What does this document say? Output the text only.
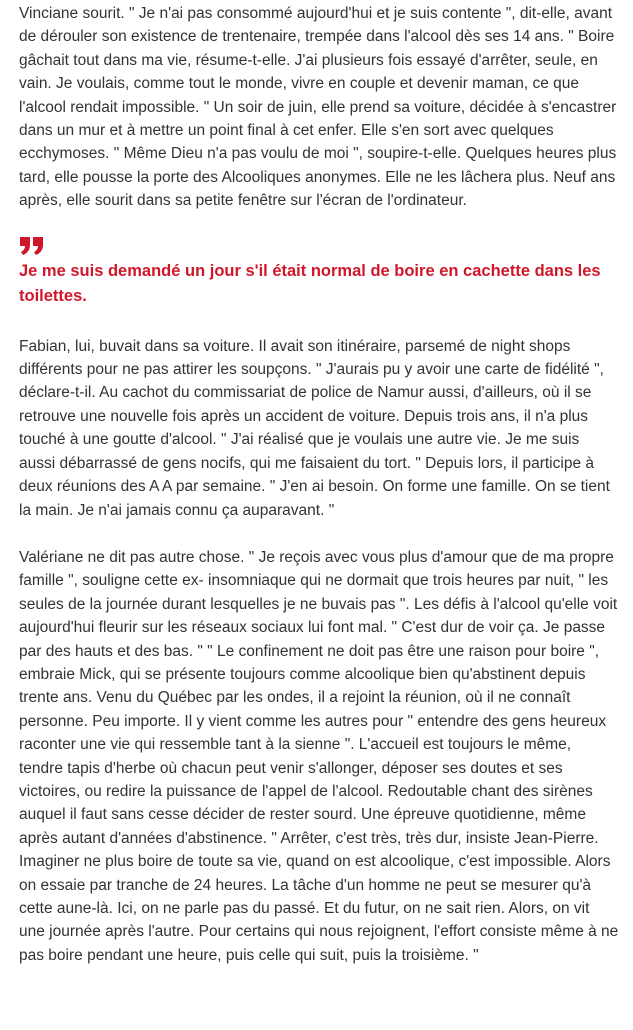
Vinciane sourit. " Je n'ai pas consommé aujourd'hui et je suis contente ", dit-elle, avant de dérouler son existence de trentenaire, trempée dans l'alcool dès ses 14 ans. " Boire gâchait tout dans ma vie, résume-t-elle. J'ai plusieurs fois essayé d'arrêter, seule, en vain. Je voulais, comme tout le monde, vivre en couple et devenir maman, ce que l'alcool rendait impossible. " Un soir de juin, elle prend sa voiture, décidée à s'encastrer dans un mur et à mettre un point final à cet enfer. Elle s'en sort avec quelques ecchymoses. " Même Dieu n'a pas voulu de moi ", soupire-t-elle. Quelques heures plus tard, elle pousse la porte des Alcooliques anonymes. Elle ne les lâchera plus. Neuf ans après, elle sourit dans sa petite fenêtre sur l'écran de l'ordinateur.

Je me suis demandé un jour s'il était normal de boire en cachette dans les toilettes.

Fabian, lui, buvait dans sa voiture. Il avait son itinéraire, parsemé de night shops différents pour ne pas attirer les soupçons. " J'aurais pu y avoir une carte de fidélité ", déclare-t-il. Au cachot du commissariat de police de Namur aussi, d'ailleurs, où il se retrouve une nouvelle fois après un accident de voiture. Depuis trois ans, il n'a plus touché à une goutte d'alcool. " J'ai réalisé que je voulais une autre vie. Je me suis aussi débarrassé de gens nocifs, qui me faisaient du tort. " Depuis lors, il participe à deux réunions des A A par semaine. " J'en ai besoin. On forme une famille. On se tient la main. Je n'ai jamais connu ça auparavant. "

Valériane ne dit pas autre chose. " Je reçois avec vous plus d'amour que de ma propre famille ", souligne cette ex- insomniaque qui ne dormait que trois heures par nuit, " les seules de la journée durant lesquelles je ne buvais pas ". Les défis à l'alcool qu'elle voit aujourd'hui fleurir sur les réseaux sociaux lui font mal. " C'est dur de voir ça. Je passe par des hauts et des bas. " " Le confinement ne doit pas être une raison pour boire ", embraie Mick, qui se présente toujours comme alcoolique bien qu'abstinent depuis trente ans. Venu du Québec par les ondes, il a rejoint la réunion, où il ne connaît personne. Peu importe. Il y vient comme les autres pour " entendre des gens heureux raconter une vie qui ressemble tant à la sienne ". L'accueil est toujours le même, tendre tapis d'herbe où chacun peut venir s'allonger, déposer ses doutes et ses victoires, ou redire la puissance de l'appel de l'alcool. Redoutable chant des sirènes auquel il faut sans cesse décider de rester sourd. Une épreuve quotidienne, même après autant d'années d'abstinence. " Arrêter, c'est très, très dur, insiste Jean-Pierre. Imaginer ne plus boire de toute sa vie, quand on est alcoolique, c'est impossible. Alors on essaie par tranche de 24 heures. La tâche d'un homme ne peut se mesurer qu'à cette aune-là. Ici, on ne parle pas du passé. Et du futur, on ne sait rien. Alors, on vit une journée après l'autre. Pour certains qui nous rejoignent, l'effort consiste même à ne pas boire pendant une heure, puis celle qui suit, puis la troisième. "
